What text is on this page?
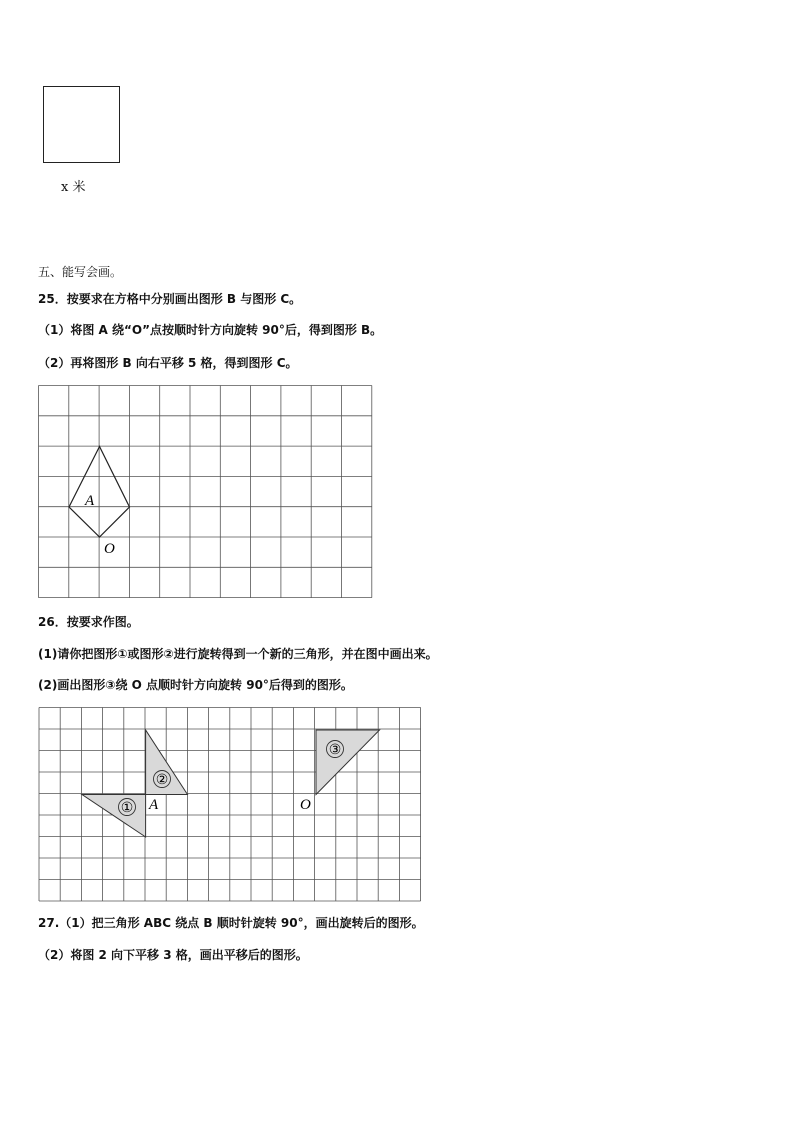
x 米
五、能写会画。
25．按要求在方格中分别画出图形 B 与图形 C。
（1）将图 A 绕“O”点按顺时针方向旋转 90°后，得到图形 B。
（2）再将图形 B 向右平移 5 格，得到图形 C。
A
O
26．按要求作图。
(1)请你把图形①或图形②进行旋转得到一个新的三角形，并在图中画出来。
(2)画出图形③绕 O 点顺时针方向旋转 90°后得到的图形。
①
②
③
A	O
27.（1）把三角形 ABC 绕点 B 顺时针旋转 90°，画出旋转后的图形。
（2）将图 2 向下平移 3 格，画出平移后的图形。
